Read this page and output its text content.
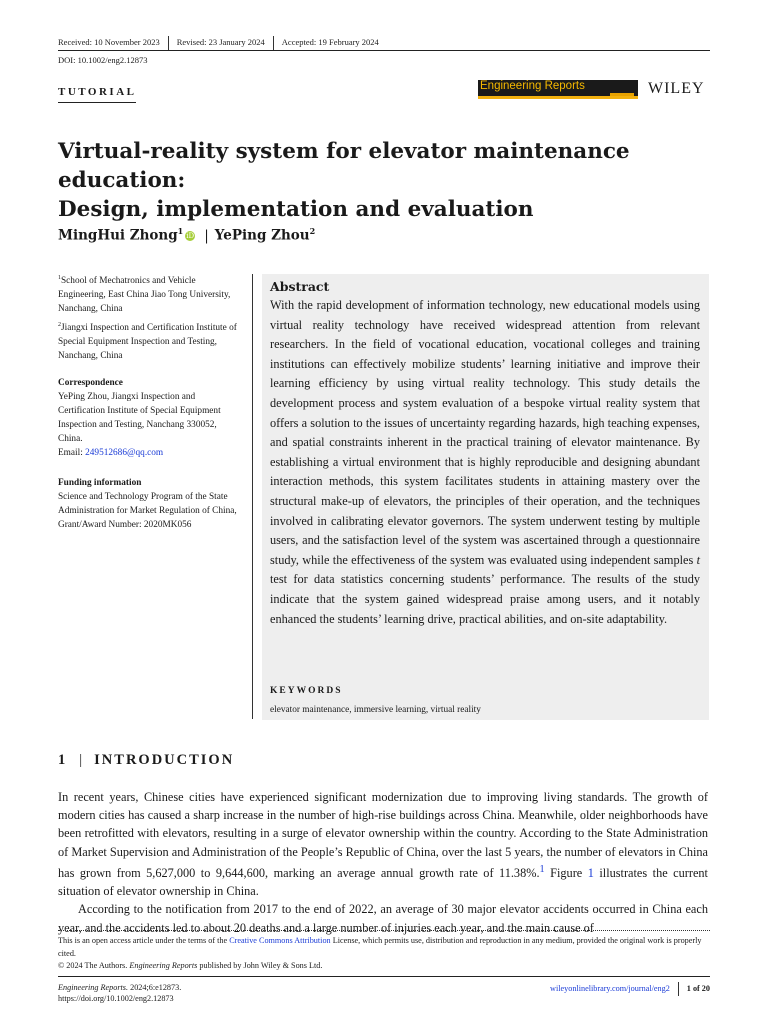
Received: 10 November 2023 Revised: 23 January 2024 Accepted: 19 February 2024
DOI: 10.1002/eng2.12873
TUTORIAL	Engineering Reports	WILEY
Virtual-reality system for elevator maintenance education:
Design, implementation and evaluation
MingHui Zhong$^1$ iD | YePing Zhou$^2$
$^1$School of Mechatronics and Vehicle Engineering, East China Jiao Tong University, Nanchang, China
$^2$Jiangxi Inspection and Certification Institute of Special Equipment Inspection and Testing, Nanchang, China
Correspondence
YePing Zhou, Jiangxi Inspection and Certification Institute of Special Equipment Inspection and Testing, Nanchang 330052, China.
Email: 249512686@qq.com
Funding information
Science and Technology Program of the State Administration for Market Regulation of China, Grant/Award Number: 2020MK056
Abstract
With the rapid development of information technology, new educational models using virtual reality technology have received widespread attention from relevant researchers. In the field of vocational education, vocational colleges and training institutions can effectively mobilize students’ learning initiative and improve their learning efficiency by using virtual reality technology. This study details the development process and system evaluation of a bespoke virtual reality system that offers a solution to the issues of uncertainty regarding hazards, high teaching expenses, and spatial constraints inherent in the practical training of elevator maintenance. By establishing a virtual environment that is highly reproducible and designing abundant interaction methods, this system facilitates students in attaining mastery over the structural make-up of elevators, the principles of their operation, and the techniques involved in calibrating elevator governors. The system underwent testing by multiple users, and the satisfaction level of the system was ascertained through a questionnaire study, while the effectiveness of the system was evaluated using independent samples t test for data statistics concerning students’ performance. The results of the study indicate that the system gained widespread praise among users, and it notably enhanced the students’ learning drive, practical abilities, and on-site adaptability.
KEYWORDS
elevator maintenance, immersive learning, virtual reality
1 | INTRODUCTION

In recent years, Chinese cities have experienced significant modernization due to improving living standards. The growth of modern cities has caused a sharp increase in the number of high-rise buildings across China. Meanwhile, older neighborhoods have been retrofitted with elevators, resulting in a surge of elevator ownership within the country. According to the State Administration of Market Supervision and Administration of the People’s Republic of China, over the last 5 years, the number of elevators in China has grown from 5,627,000 to 9,644,600, marking an average annual growth rate of 11.38%.$^1$ Figure 1 illustrates the current situation of elevator ownership in China.

According to the notification from 2017 to the end of 2022, an average of 30 major elevator accidents occurred in China each year, and the accidents led to about 20 deaths and a large number of injuries each year, and the main cause of

This is an open access article under the terms of the Creative Commons Attribution License, which permits use, distribution and reproduction in any medium, provided the original work is properly cited.
© 2024 The Authors. Engineering Reports published by John Wiley & Sons Ltd.
Engineering Reports. 2024;6:e12873.
https://doi.org/10.1002/eng2.12873
wileyonlinelibrary.com/journal/eng2 1 of 20
